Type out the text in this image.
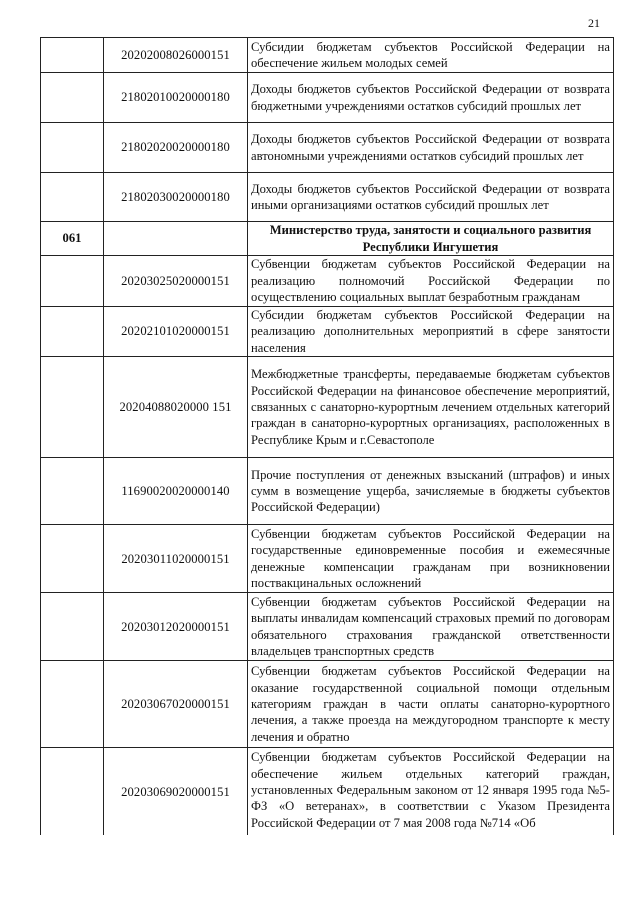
21
	20202008026000151	Субсидии бюджетам субъектов Российской Федерации на обеспечение жильем молодых семей
	21802010020000180	Доходы бюджетов субъектов Российской Федерации от возврата бюджетными учреждениями остатков субсидий прошлых лет
	21802020020000180	Доходы бюджетов субъектов Российской Федерации от возврата автономными учреждениями остатков субсидий прошлых лет
	21802030020000180	Доходы бюджетов субъектов Российской Федерации от возврата иными организациями остатков субсидий прошлых лет
061		Министерство труда, занятости и социального развития Республики Ингушетия
	20203025020000151	Субвенции бюджетам субъектов Российской Федерации на реализацию полномочий Российской Федерации по осуществлению социальных выплат безработным гражданам
	20202101020000151	Субсидии бюджетам субъектов Российской Федерации на реализацию дополнительных мероприятий в сфере занятости населения
	20204088020000 151	Межбюджетные трансферты, передаваемые бюджетам субъектов Российской Федерации на финансовое обеспечение мероприятий, связанных с санаторно-курортным лечением отдельных категорий граждан в санаторно-курортных организациях, расположенных в Республике Крым и г.Севастополе
	11690020020000140	Прочие поступления от денежных взысканий (штрафов) и иных сумм в возмещение ущерба, зачисляемые в бюджеты субъектов Российской Федерации)
	20203011020000151	Субвенции бюджетам субъектов Российской Федерации на государственные единовременные пособия и ежемесячные денежные компенсации гражданам при возникновении поствакцинальных осложнений
	20203012020000151	Субвенции бюджетам субъектов Российской Федерации на выплаты инвалидам компенсаций страховых премий по договорам обязательного страхования гражданской ответственности владельцев транспортных средств
	20203067020000151	Субвенции бюджетам субъектов Российской Федерации на оказание государственной социальной помощи отдельным категориям граждан в части оплаты санаторно-курортного лечения, а также проезда на междугородном транспорте к месту лечения и обратно
	20203069020000151	Субвенции бюджетам субъектов Российской Федерации на обеспечение жильем отдельных категорий граждан, установленных Федеральным законом от 12 января 1995 года №5-ФЗ «О ветеранах», в соответствии с Указом Президента Российской Федерации от 7 мая 2008 года №714 «Об
